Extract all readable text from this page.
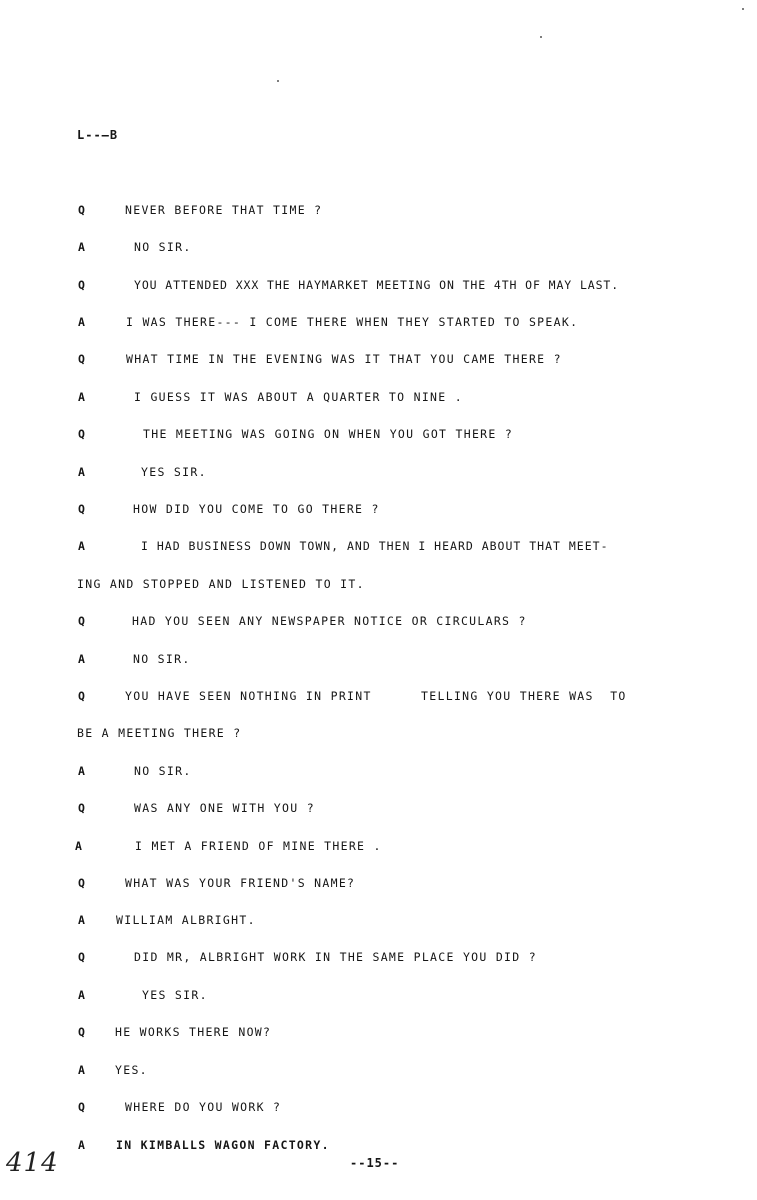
L--–B
Q	NEVER BEFORE THAT TIME ?
A	NO SIR.
Q	YOU ATTENDED XXX THE HAYMARKET MEETING ON THE 4TH OF MAY LAST.
A	I WAS THERE--- I COME THERE WHEN THEY STARTED TO SPEAK.
Q	WHAT TIME IN THE EVENING WAS IT THAT YOU CAME THERE ?
A	I GUESS IT WAS ABOUT A QUARTER TO NINE .
Q	THE MEETING WAS GOING ON WHEN YOU GOT THERE ?
A	YES SIR.
Q	HOW DID YOU COME TO GO THERE ?
A	I HAD BUSINESS DOWN TOWN, AND THEN I HEARD ABOUT THAT MEET-
ING AND STOPPED AND LISTENED TO IT.
Q	HAD YOU SEEN ANY NEWSPAPER NOTICE OR CIRCULARS ?
A	NO SIR.
Q	YOU HAVE SEEN NOTHING IN PRINT      TELLING YOU THERE WAS  TO
BE A MEETING THERE ?
A	NO SIR.
Q	WAS ANY ONE WITH YOU ?
A	I MET A FRIEND OF MINE THERE .
Q	WHAT WAS YOUR FRIEND'S NAME?
A	WILLIAM ALBRIGHT.
Q	DID MR, ALBRIGHT WORK IN THE SAME PLACE YOU DID ?
A	YES SIR.
Q	HE WORKS THERE NOW?
A	YES.
Q	WHERE DO YOU WORK ?
A	IN KIMBALLS WAGON FACTORY.
--15--
414
